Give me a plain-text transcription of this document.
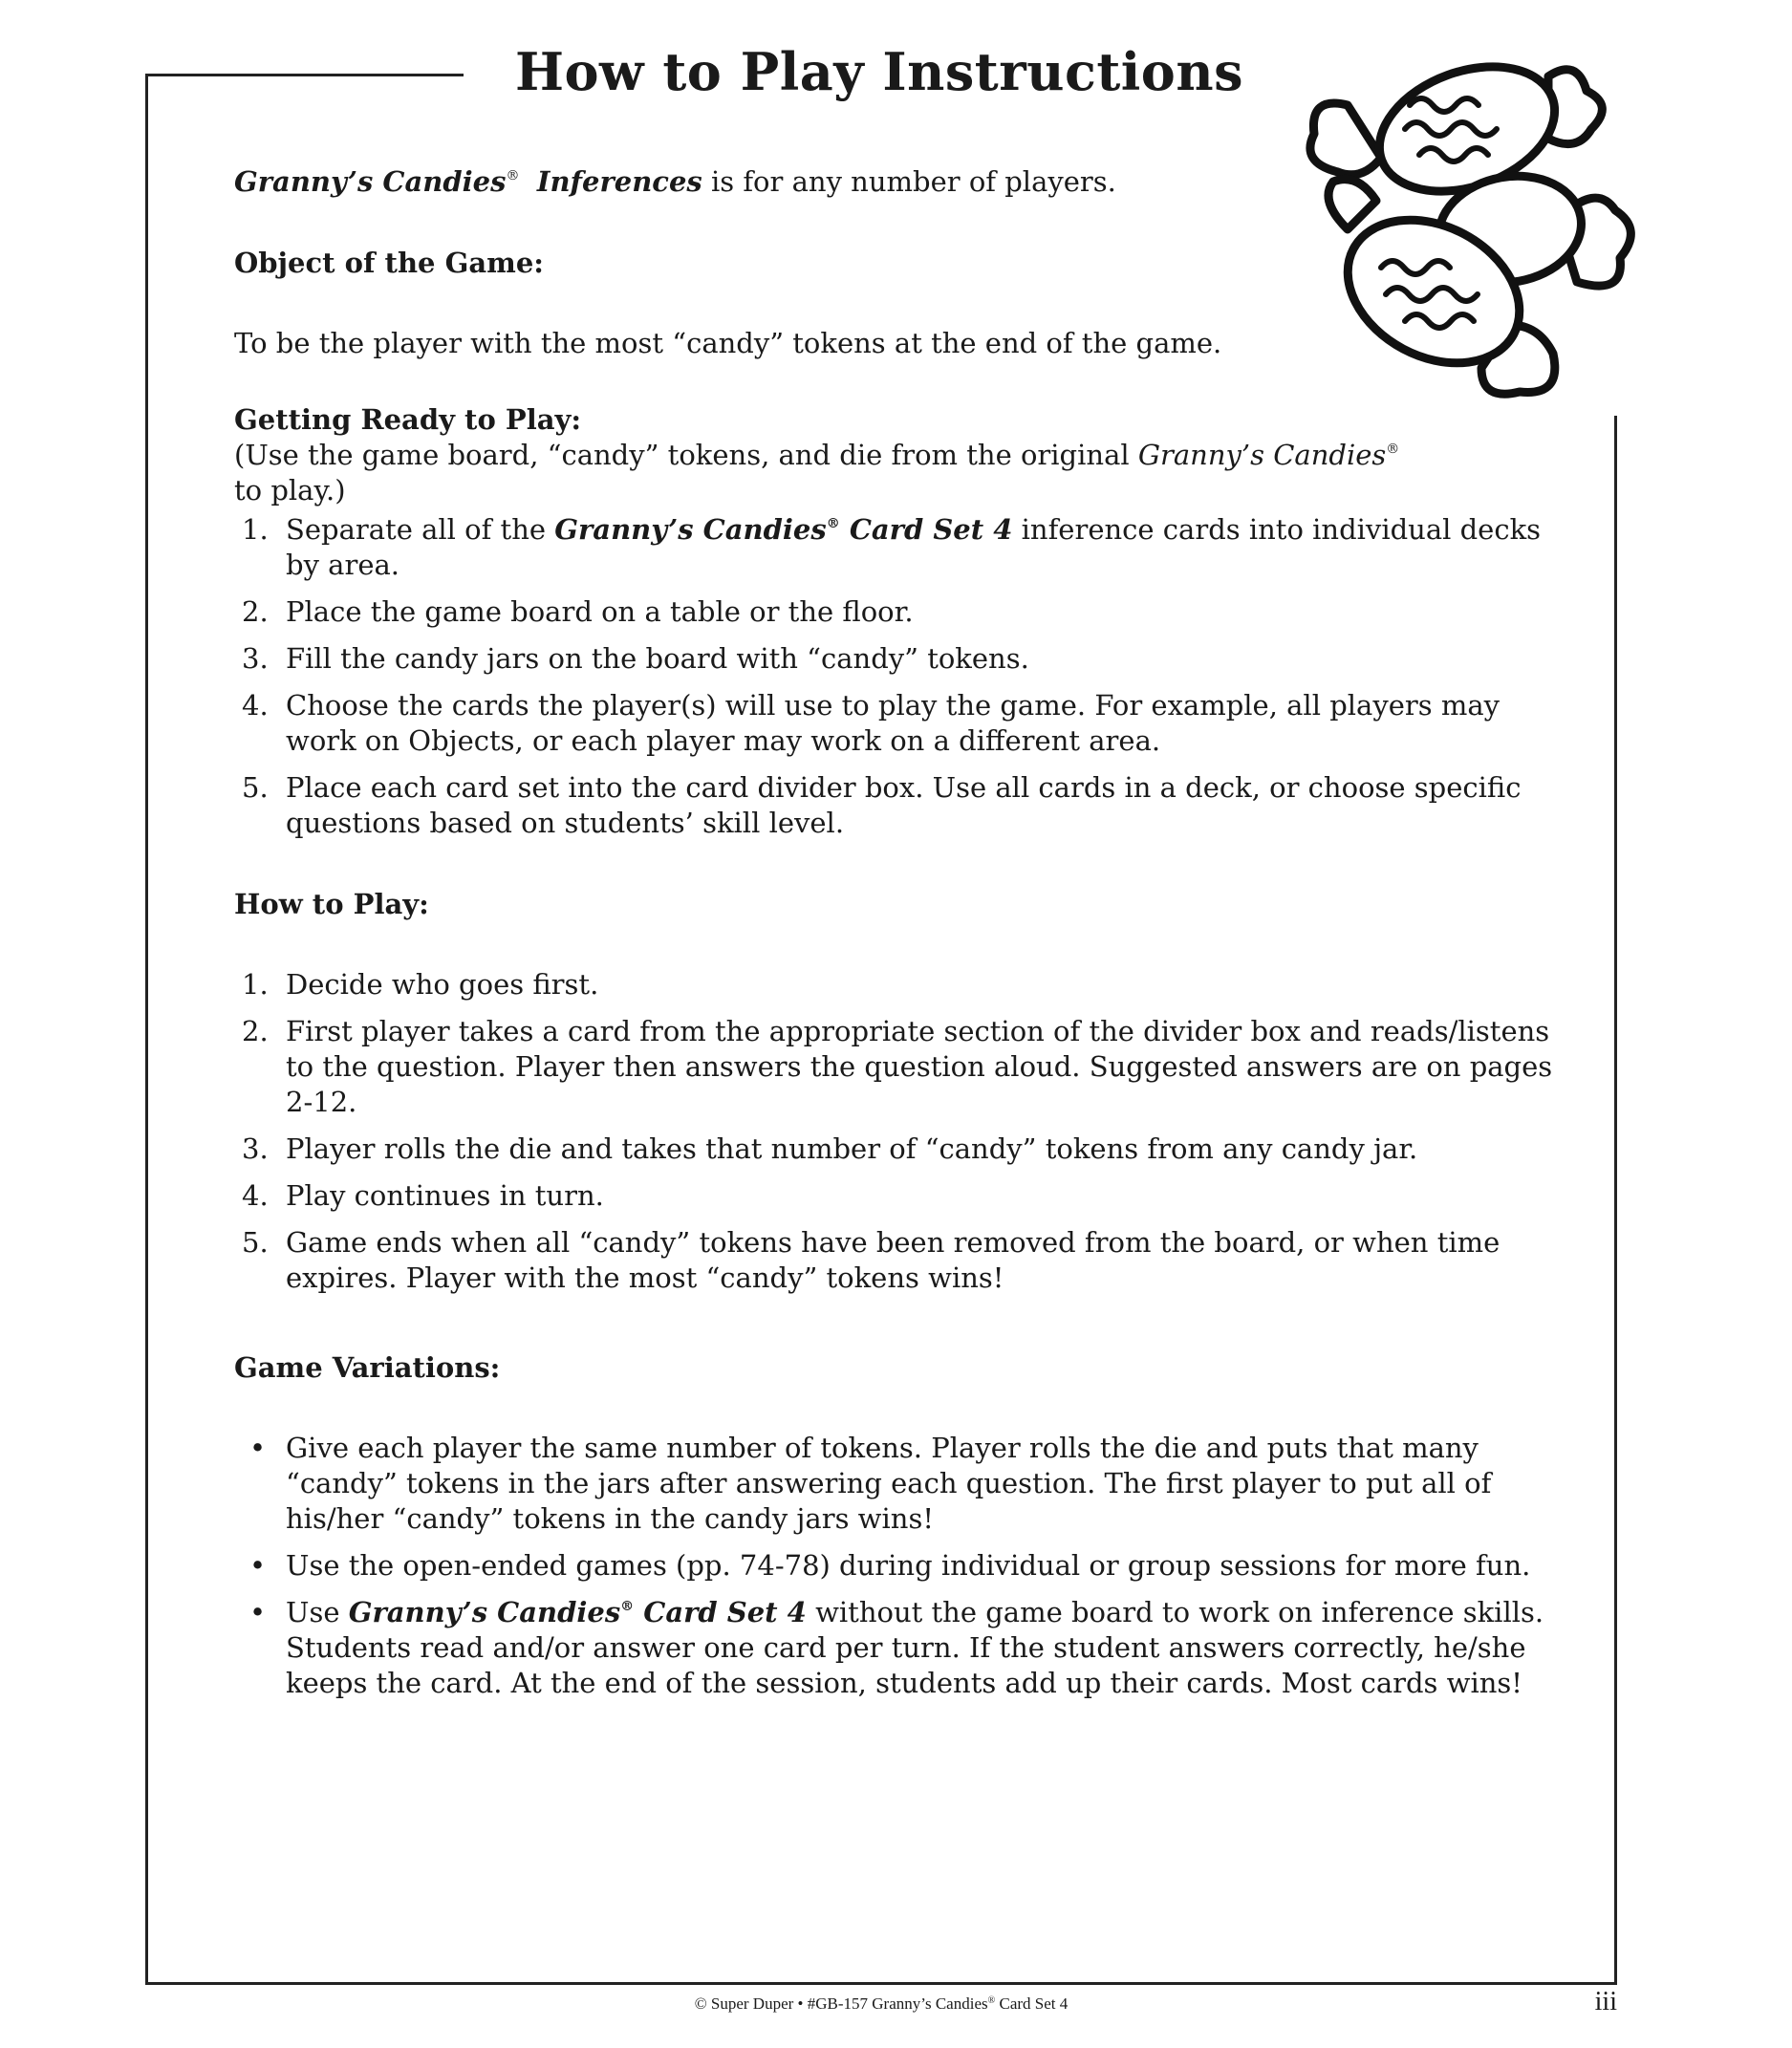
How to Play Instructions

Granny’s Candies® Inferences is for any number of players.

Object of the Game:

To be the player with the most “candy” tokens at the end of the game.

Getting Ready to Play:

(Use the game board, “candy” tokens, and die from the original Granny’s Candies®

to play.)

1. Separate all of the Granny’s Candies® Card Set 4 inference cards into individual decks by area.
2. Place the game board on a table or the floor.
3. Fill the candy jars on the board with “candy” tokens.
4. Choose the cards the player(s) will use to play the game. For example, all players may work on Objects, or each player may work on a different area.
5. Place each card set into the card divider box. Use all cards in a deck, or choose specific questions based on students’ skill level.

How to Play:

1. Decide who goes first.
2. First player takes a card from the appropriate section of the divider box and reads/listens to the question. Player then answers the question aloud. Suggested answers are on pages 2-12.
3. Player rolls the die and takes that number of “candy” tokens from any candy jar.
4. Play continues in turn.
5. Game ends when all “candy” tokens have been removed from the board, or when time expires. Player with the most “candy” tokens wins!

Game Variations:

• Give each player the same number of tokens. Player rolls the die and puts that many “candy” tokens in the jars after answering each question. The first player to put all of his/her “candy” tokens in the candy jars wins!
• Use the open-ended games (pp. 74-78) during individual or group sessions for more fun.
• Use Granny’s Candies® Card Set 4 without the game board to work on inference skills. Students read and/or answer one card per turn. If the student answers correctly, he/she keeps the card. At the end of the session, students add up their cards. Most cards wins!
© Super Duper • #GB-157 Granny’s Candies® Card Set 4	iii
